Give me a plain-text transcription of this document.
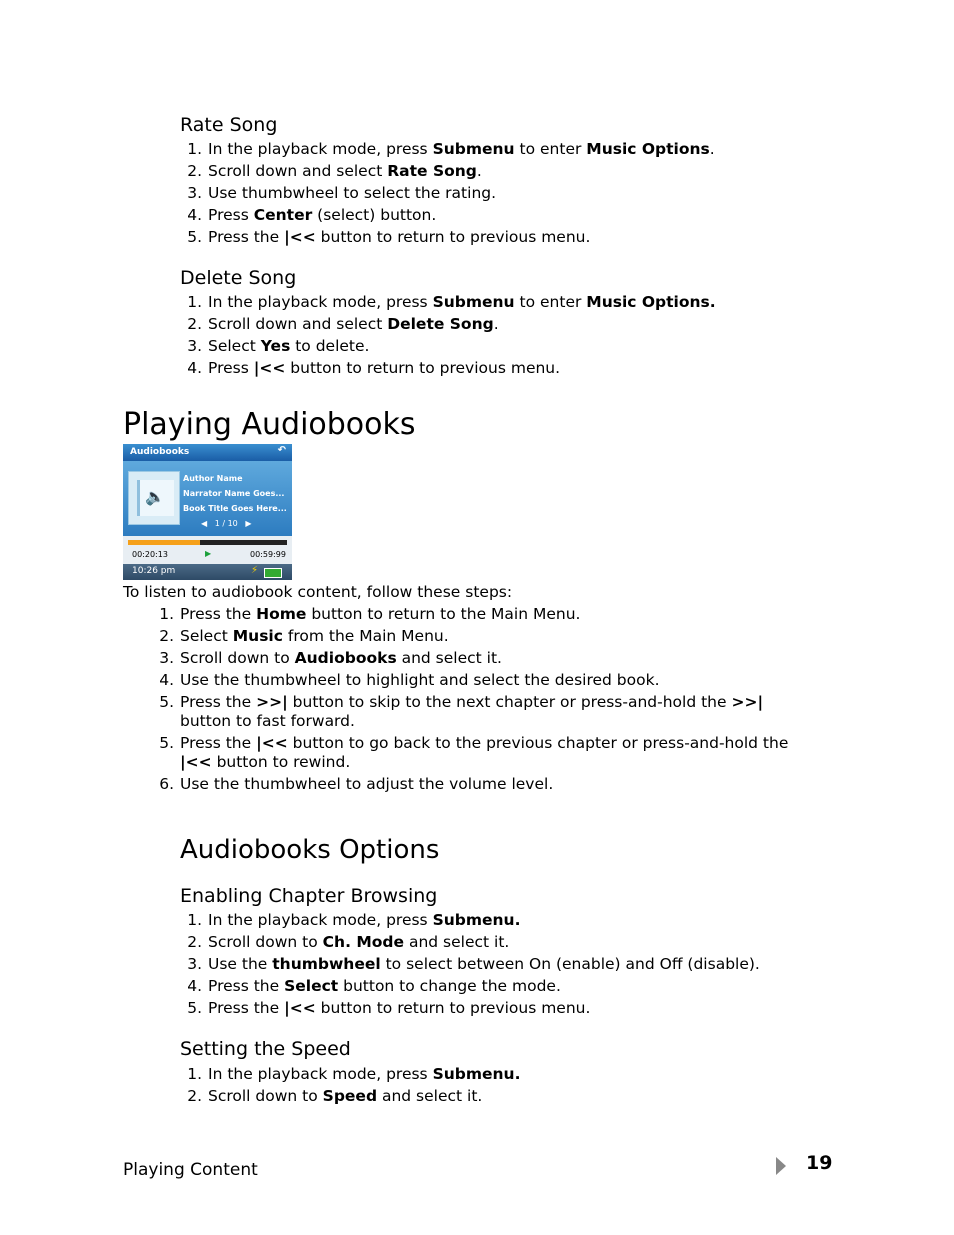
Rate Song
1. In the playback mode, press Submenu to enter Music Options.
2. Scroll down and select Rate Song.
3. Use thumbwheel to select the rating.
4. Press Center (select) button.
5. Press the |<< button to return to previous menu.
Delete Song
1. In the playback mode, press Submenu to enter Music Options.
2. Scroll down and select Delete Song.
3. Select Yes to delete.
4. Press |<< button to return to previous menu.
Playing Audiobooks
Audiobooks	↶
🔈
Author Name
Narrator Name Goes...
Book Title Goes Here...
◀ 1 / 10 ▶
00:20:13	▶	00:59:99
10:26 pm	⚡
To listen to audiobook content, follow these steps:
1. Press the Home button to return to the Main Menu.
2. Select Music from the Main Menu.
3. Scroll down to Audiobooks and select it.
4. Use the thumbwheel to highlight and select the desired book.
5. Press the >>| button to skip to the next chapter or press-and-hold the >>|
button to fast forward.
5. Press the |<< button to go back to the previous chapter or press-and-hold the
|<< button to rewind.
6. Use the thumbwheel to adjust the volume level.
Audiobooks Options
Enabling Chapter Browsing
1. In the playback mode, press Submenu.
2. Scroll down to Ch. Mode and select it.
3. Use the thumbwheel to select between On (enable) and Off (disable).
4. Press the Select button to change the mode.
5. Press the |<< button to return to previous menu.
Setting the Speed
1. In the playback mode, press Submenu.
2. Scroll down to Speed and select it.
Playing Content	19
